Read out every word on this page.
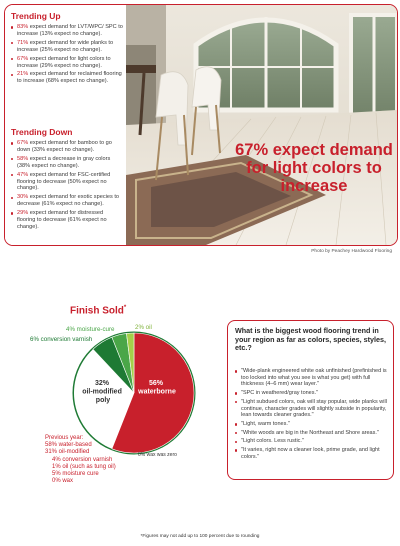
Trending Up
83% expect demand for LVT/WPC/ SPC to increase (13% expect no change).
71% expect demand for wide planks to increase (25% expect no change).
67% expect demand for light colors to increase (29% expect no change).
21% expect demand for reclaimed flooring to increase (68% expect no change).
Trending Down
67% expect demand for bamboo to go down (33% expect no change).
58% expect a decrease in gray colors (38% expect no change).
47% expect demand for FSC-certified flooring to decrease (50% expect no change).
30% expect demand for exotic species to decrease (61% expect no change).
29% expect demand for distressed flooring to decrease (61% expect no change).
67% expect demand for light colors to increase
Photo by Peachey Hardwood Flooring
Finish Sold*
2% oil
4% moisture-cure
6% conversion varnish
32% oil-modified poly
56% waterborne
0% wax was zero
Previous year:
58% water-based
31% oil-modified
4% conversion varnish
1% oil (such as tung oil)
5% moisture cure
0% wax
What is the biggest wood flooring trend in your region as far as colors, species, styles, etc.?
"Wide-plank engineered white oak unfinished (prefinished is too locked into what you see is what you get) with full thickness (4–6 mm) wear layer."
"SPC in weathered/gray tones."
"Light subdued colors, oak will stay popular, wide planks will continue, character grades will slightly subside in popularity, lean towards cleaner grades."
"Light, warm tones."
"White woods are big in the Northeast and Shore areas."
"Light colors. Less rustic."
"It varies, right now a cleaner look, prime grade, and light colors."
*Figures may not add up to 100 percent due to rounding
